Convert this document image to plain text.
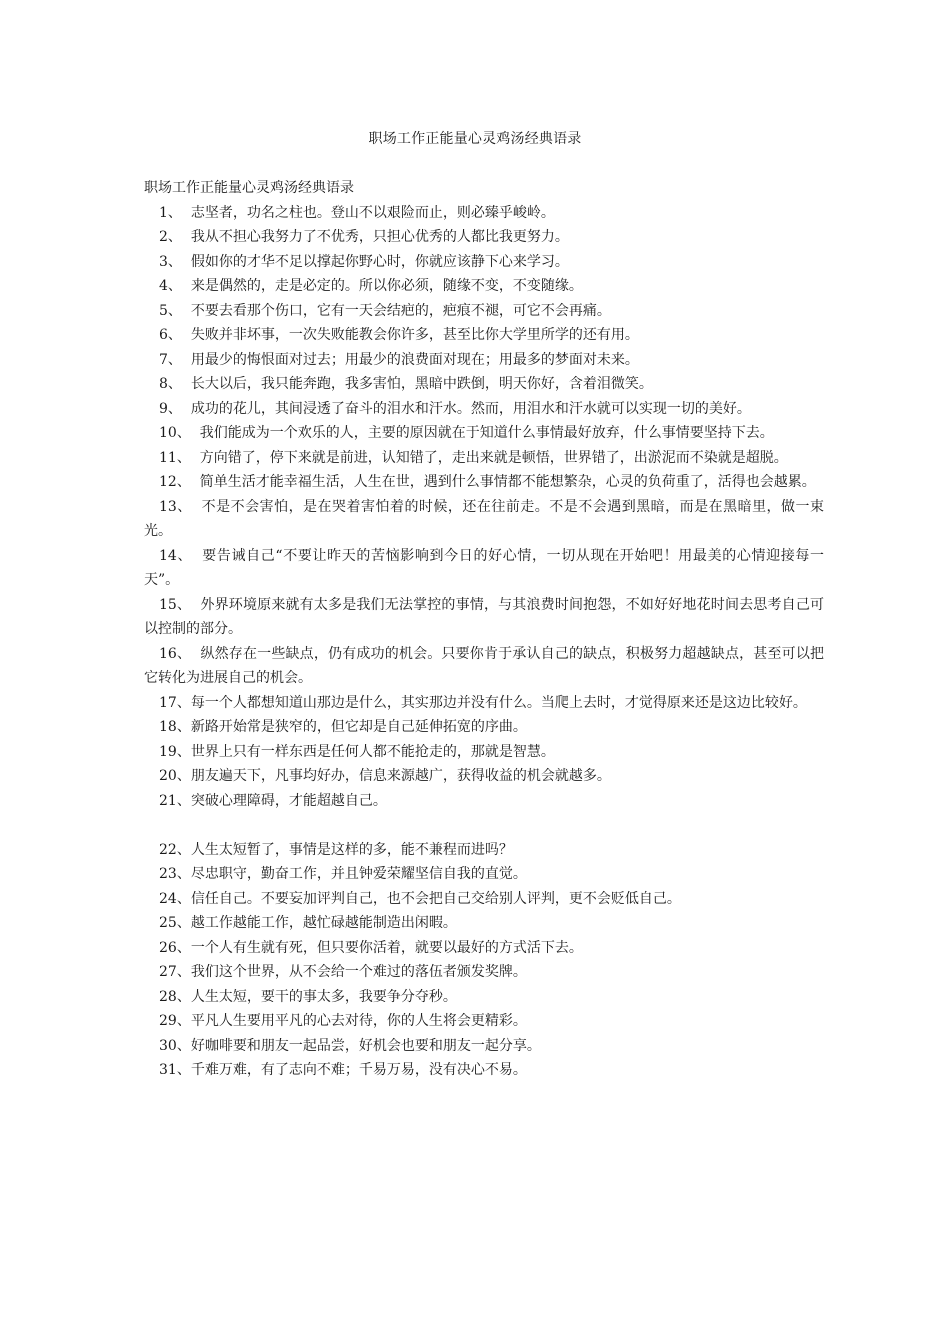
职场工作正能量心灵鸡汤经典语录

职场工作正能量心灵鸡汤经典语录

1、 志坚者，功名之柱也。登山不以艰险而止，则必臻乎峻岭。

2、 我从不担心我努力了不优秀，只担心优秀的人都比我更努力。

3、 假如你的才华不足以撑起你野心时，你就应该静下心来学习。

4、 来是偶然的，走是必定的。所以你必须，随缘不变，不变随缘。

5、 不要去看那个伤口，它有一天会结疤的，疤痕不褪，可它不会再痛。

6、 失败并非坏事，一次失败能教会你许多，甚至比你大学里所学的还有用。

7、 用最少的悔恨面对过去；用最少的浪费面对现在；用最多的梦面对未来。

8、 长大以后，我只能奔跑，我多害怕，黑暗中跌倒，明天你好，含着泪微笑。

9、 成功的花儿，其间浸透了奋斗的泪水和汗水。然而，用泪水和汗水就可以实现一切的美好。

10、 我们能成为一个欢乐的人，主要的原因就在于知道什么事情最好放弃，什么事情要坚持下去。

11、 方向错了，停下来就是前进，认知错了，走出来就是顿悟，世界错了，出淤泥而不染就是超脱。

12、 简单生活才能幸福生活，人生在世，遇到什么事情都不能想繁杂，心灵的负荷重了，活得也会越累。

13、 不是不会害怕，是在哭着害怕着的时候，还在往前走。不是不会遇到黑暗，而是在黑暗里，做一束光。

14、 要告诫自己“不要让昨天的苦恼影响到今日的好心情，一切从现在开始吧！用最美的心情迎接每一天”。

15、 外界环境原来就有太多是我们无法掌控的事情，与其浪费时间抱怨，不如好好地花时间去思考自己可以控制的部分。

16、 纵然存在一些缺点，仍有成功的机会。只要你肯于承认自己的缺点，积极努力超越缺点，甚至可以把它转化为进展自己的机会。

17、每一个人都想知道山那边是什么，其实那边并没有什么。当爬上去时，才觉得原来还是这边比较好。

18、新路开始常是狭窄的，但它却是自己延伸拓宽的序曲。

19、世界上只有一样东西是任何人都不能抢走的，那就是智慧。

20、朋友遍天下，凡事均好办，信息来源越广，获得收益的机会就越多。

21、突破心理障碍，才能超越自己。

22、人生太短暂了，事情是这样的多，能不兼程而进吗？

23、尽忠职守，勤奋工作，并且钟爱荣耀坚信自我的直觉。

24、信任自己。不要妄加评判自己，也不会把自己交给别人评判，更不会贬低自己。

25、越工作越能工作，越忙碌越能制造出闲暇。

26、一个人有生就有死，但只要你活着，就要以最好的方式活下去。

27、我们这个世界，从不会给一个难过的落伍者颁发奖牌。

28、人生太短，要干的事太多，我要争分夺秒。

29、平凡人生要用平凡的心去对待，你的人生将会更精彩。

30、好咖啡要和朋友一起品尝，好机会也要和朋友一起分享。

31、千难万难，有了志向不难；千易万易，没有决心不易。
